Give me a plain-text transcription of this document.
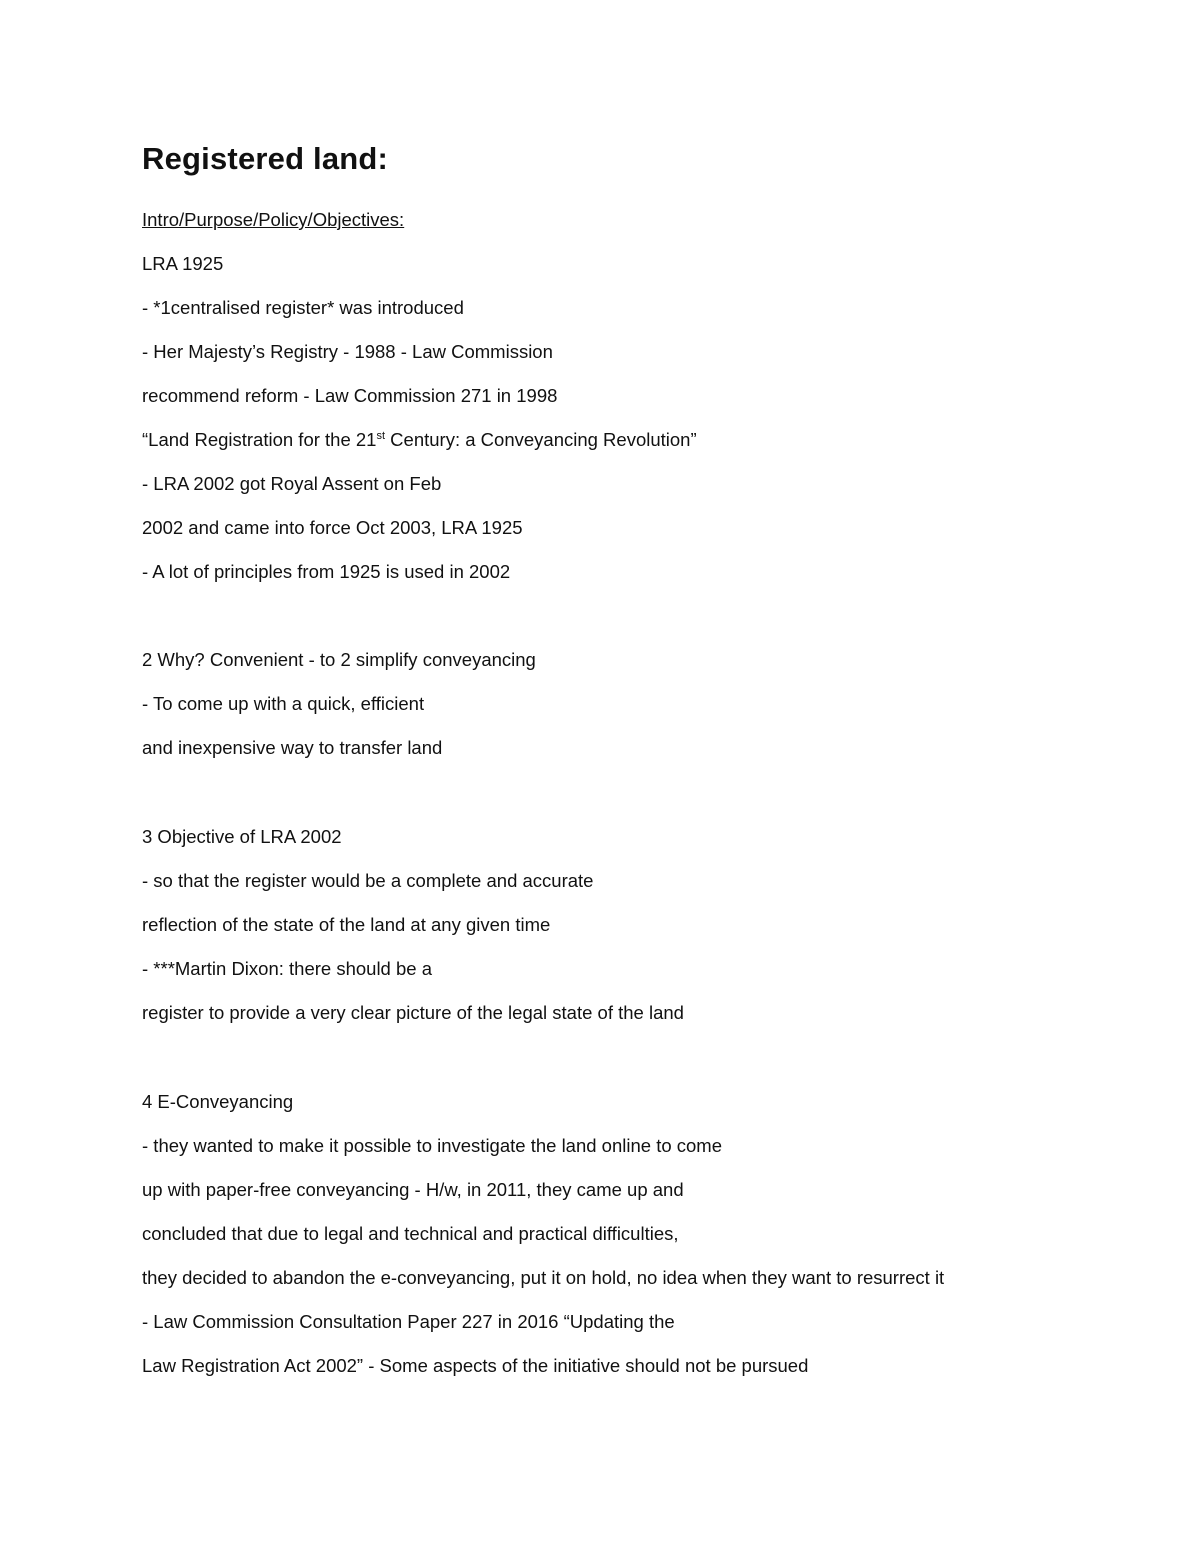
Registered land:
Intro/Purpose/Policy/Objectives:
LRA 1925
- *1centralised register* was introduced
- Her Majesty’s Registry - 1988 - Law Commission
recommend reform - Law Commission 271 in 1998
“Land Registration for the 21st Century: a Conveyancing Revolution”
- LRA 2002 got Royal Assent on Feb
2002 and came into force Oct 2003, LRA 1925
- A lot of principles from 1925 is used in 2002
2 Why? Convenient - to 2 simplify conveyancing
- To come up with a quick, efficient
and inexpensive way to transfer land
3 Objective of LRA 2002
- so that the register would be a complete and accurate
reflection of the state of the land at any given time
- ***Martin Dixon: there should be a
register to provide a very clear picture of the legal state of the land
4 E-Conveyancing
- they wanted to make it possible to investigate the land online to come
up with paper-free conveyancing - H/w, in 2011, they came up and
concluded that due to legal and technical and practical difficulties,
they decided to abandon the e-conveyancing, put it on hold, no idea when they want to resurrect it
- Law Commission Consultation Paper 227 in 2016 “Updating the
Law Registration Act 2002” - Some aspects of the initiative should not be pursued
